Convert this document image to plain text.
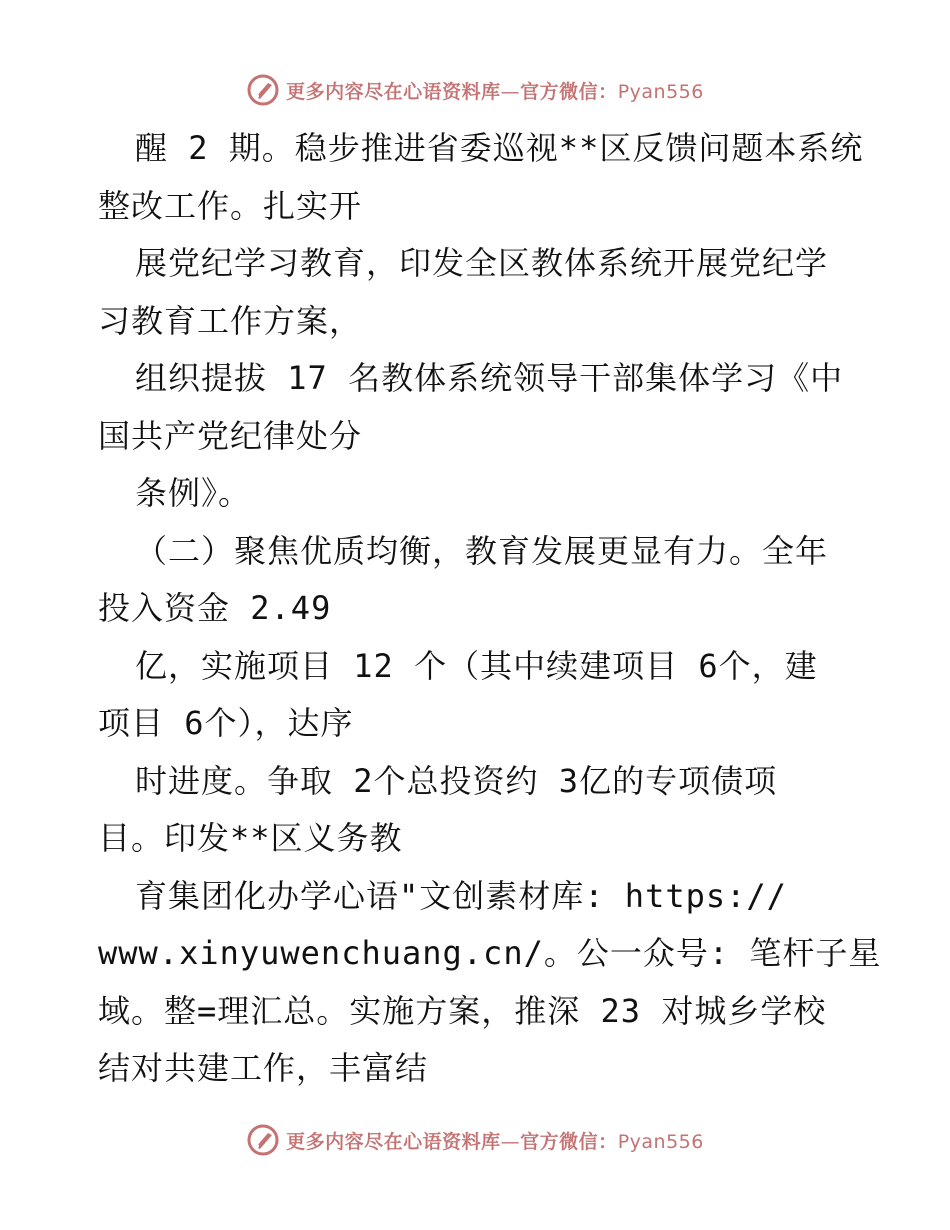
更多内容尽在心语资料库—官方微信：Pyan556
醒 2 期。稳步推进省委巡视**区反馈问题本系统
整改工作。扎实开
展党纪学习教育，印发全区教体系统开展党纪学
习教育工作方案，
组织提拔 17 名教体系统领导干部集体学习《中
国共产党纪律处分
条例》。
（二）聚焦优质均衡，教育发展更显有力。全年
投入资金 2.49
亿，实施项目 12 个（其中续建项目 6个，建
项目 6个），达序
时进度。争取 2个总投资约 3亿的专项债项
目。印发**区义务教
育集团化办学心语"文创素材库: https://
www.xinyuwenchuang.cn/。公一众号: 笔杆子星
域。整=理汇总。实施方案，推深 23 对城乡学校
结对共建工作，丰富结
更多内容尽在心语资料库—官方微信：Pyan556
